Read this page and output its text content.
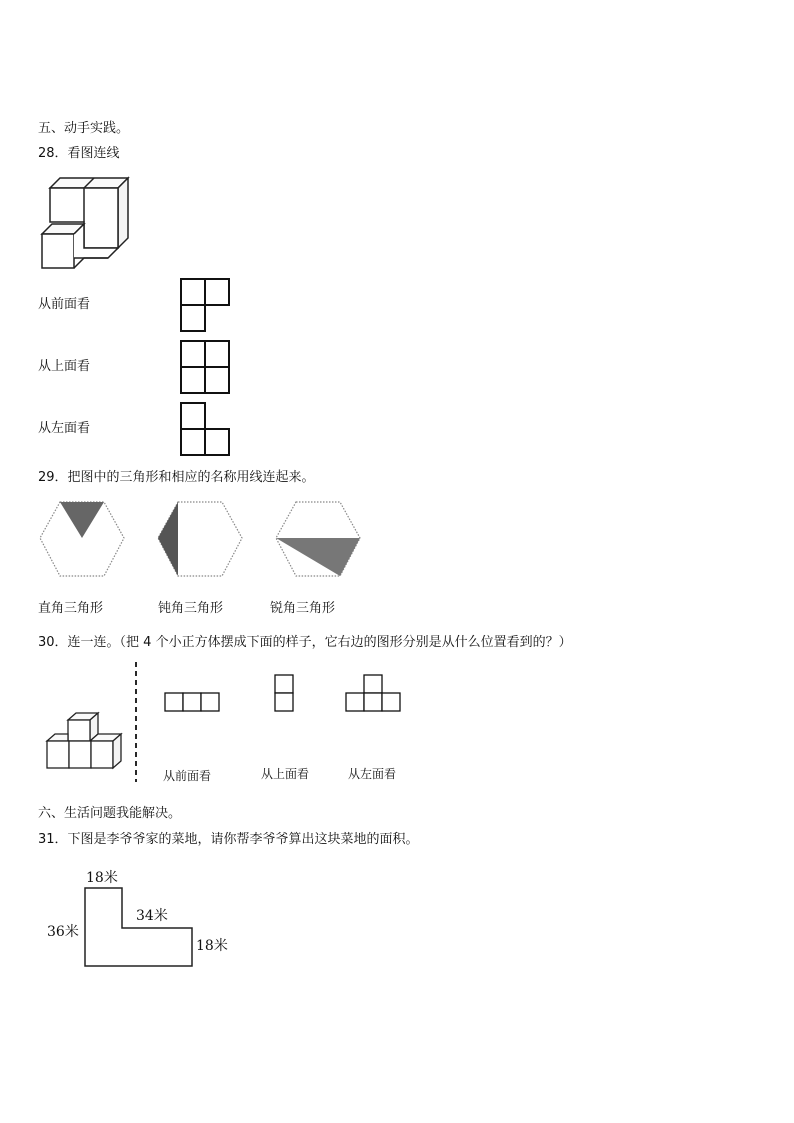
五、动手实践。
28．看图连线
从前面看
从上面看
从左面看
29．把图中的三角形和相应的名称用线连起来。
直角三角形	钝角三角形	锐角三角形
30．连一连。（把 4 个小正方体摆成下面的样子，它右边的图形分别是从什么位置看到的？）
从前面看	从上面看	从左面看
六、生活问题我能解决。
31．下图是李爷爷家的菜地，请你帮李爷爷算出这块菜地的面积。
18米
36米
34米
18米
